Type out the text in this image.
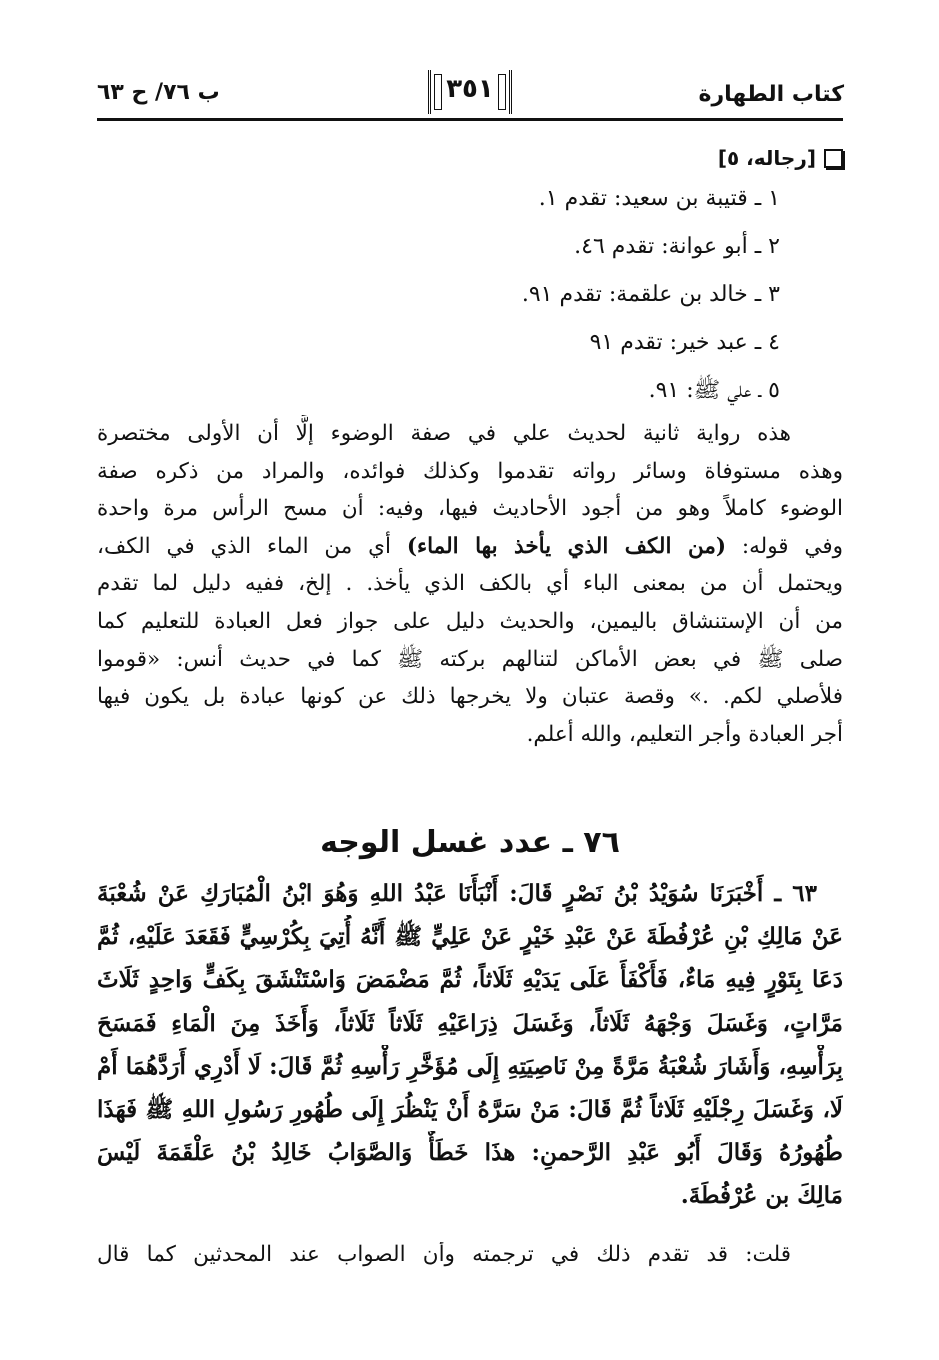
كتاب الطهارة
٣٥١
ب ٧٦/ ح ٦٣
[رجاله، ٥]
١ ـ قتيبة بن سعيد: تقدم ١.
٢ ـ أبو عوانة: تقدم ٤٦.
٣ ـ خالد بن علقمة: تقدم ٩١.
٤ ـ عبد خير: تقدم ٩١
٥ ـ علي ﷺ: ٩١.
هذه رواية ثانية لحديث علي في صفة الوضوء إلَّا أن الأولى مختصرة
وهذه مستوفاة وسائر رواته تقدموا وكذلك فوائده، والمراد من ذكره صفة
الوضوء كاملاً وهو من أجود الأحاديث فيها، وفيه: أن مسح الرأس مرة واحدة
وفي قوله: (من الكف الذي يأخذ بها الماء) أي من الماء الذي في الكف،
ويحتمل أن من بمعنى الباء أي بالكف الذي يأخذ. . إلخ، ففيه دليل لما تقدم
من أن الإستنشاق باليمين، والحديث دليل على جواز فعل العبادة للتعليم كما
صلى ﷺ في بعض الأماكن لتنالهم بركته ﷺ كما في حديث أنس: «قوموا
فلأصلي لكم. .» وقصة عتبان ولا يخرجها ذلك عن كونها عبادة بل يكون فيها
أجر العبادة وأجر التعليم، والله أعلم.
٧٦ ـ عدد غسل الوجه
٦٣ ـ أَخْبَرَنَا سُوَيْدُ بْنُ نَصْرٍ قَالَ: أَنْبَأَنَا عَبْدُ اللهِ وَهُوَ ابْنُ الْمُبَارَكِ عَنْ شُعْبَةَ
عَنْ مَالِكِ بْنِ عُرْفُطَةَ عَنْ عَبْدِ خَيْرٍ عَنْ عَلِيٍّ ﷺ أَنَّهُ أُتِيَ بِكُرْسِيٍّ فَقَعَدَ عَلَيْهِ، ثُمَّ
دَعَا بِتَوْرٍ فِيهِ مَاءٌ، فَأَكْفَأَ عَلَى يَدَيْهِ ثَلَاثاً، ثُمَّ مَضْمَضَ وَاسْتَنْشَقَ بِكَفٍّ وَاحِدٍ ثَلَاثَ
مَرَّاتٍ، وَغَسَلَ وَجْهَهُ ثَلَاثاً، وَغَسَلَ ذِرَاعَيْهِ ثَلَاثاً ثَلَاثاً، وَأَخَذَ مِنَ الْمَاءِ فَمَسَحَ
بِرَأْسِهِ، وَأَشَارَ شُعْبَةُ مَرَّةً مِنْ نَاصِيَتِهِ إِلَى مُؤَخَّرِ رَأْسِهِ ثُمَّ قَالَ: لَا أَدْرِي أَرَدَّهُمَا أَمْ
لَا، وَغَسَلَ رِجْلَيْهِ ثَلَاثاً ثُمَّ قَالَ: مَنْ سَرَّهُ أَنْ يَنْظُرَ إِلَى طُهُورِ رَسُولِ اللهِ ﷺ فَهَذَا
طُهُورُهُ وَقَالَ أَبُو عَبْدِ الرَّحمنِ: هذَا خَطَأٌ وَالصَّوَابُ خَالِدُ بْنُ عَلْقَمَةَ لَيْسَ
مَالِكَ بن عُرْفُطَةَ.
قلت: قد تقدم ذلك في ترجمته وأن الصواب عند المحدثين كما قال
